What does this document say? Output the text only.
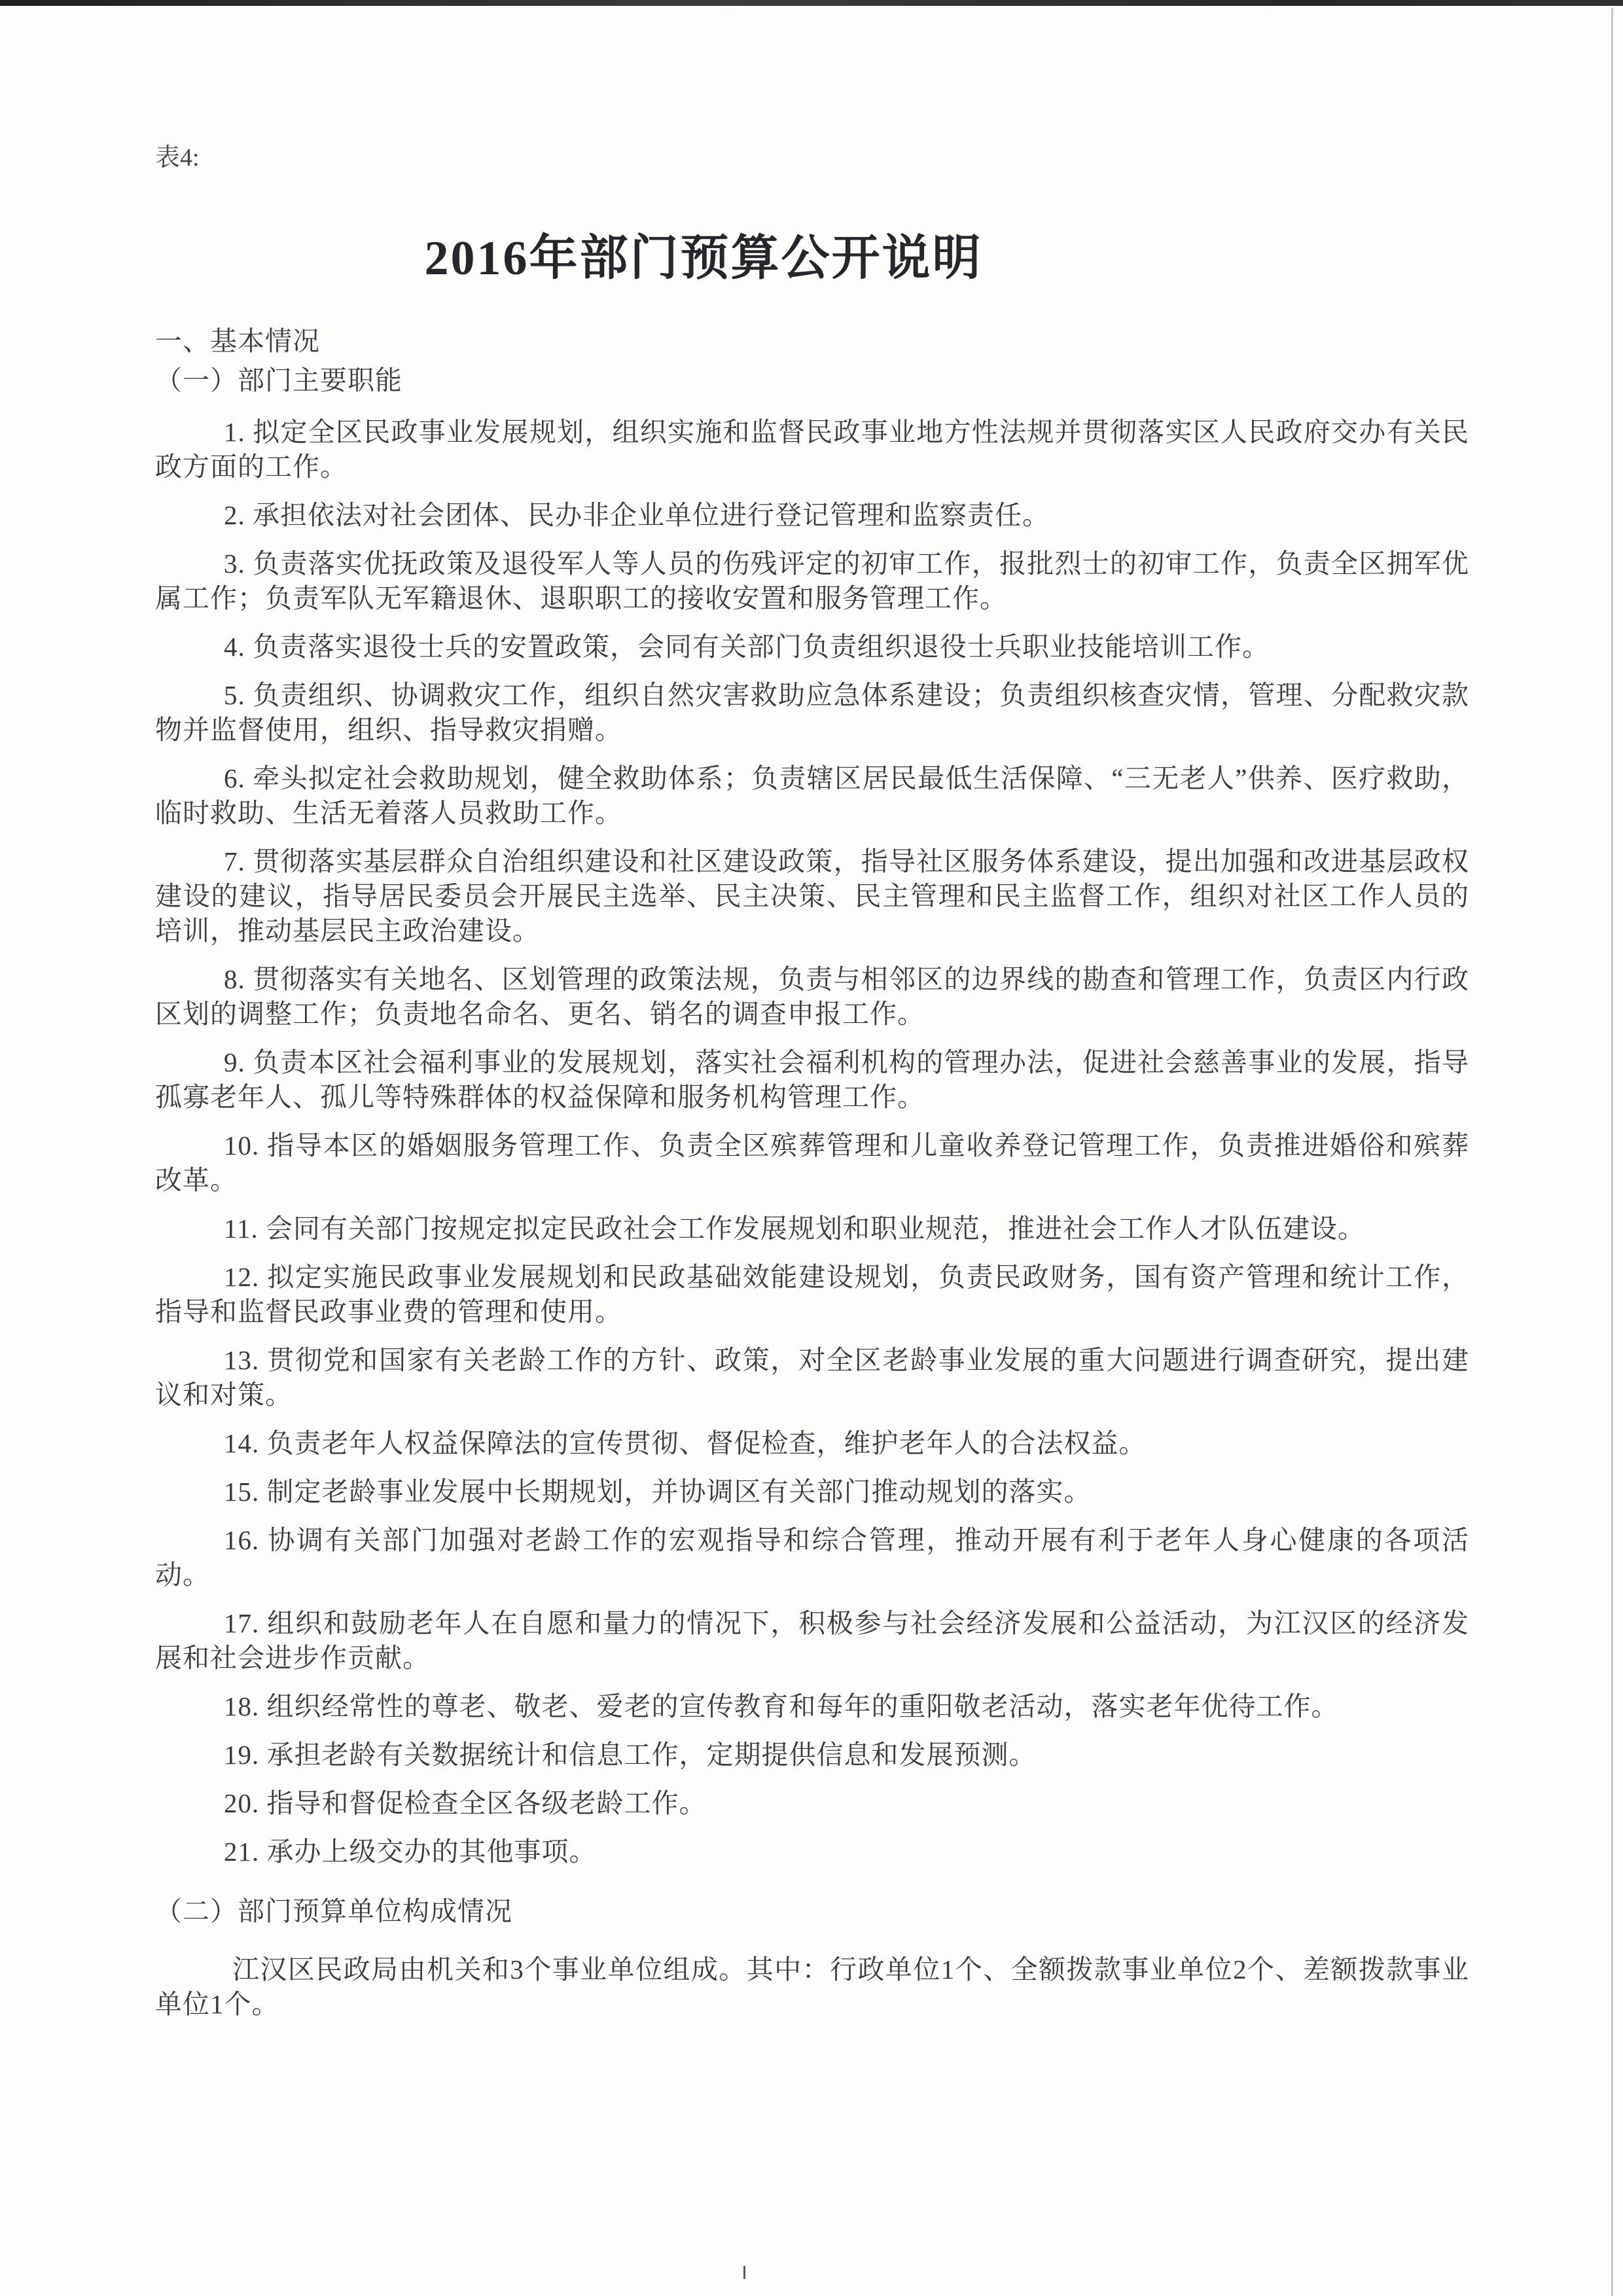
表4:
2016年部门预算公开说明

一、基本情况

（一）部门主要职能

1. 拟定全区民政事业发展规划，组织实施和监督民政事业地方性法规并贯彻落实区人民政府交办有关民政方面的工作。

2. 承担依法对社会团体、民办非企业单位进行登记管理和监察责任。

3. 负责落实优抚政策及退役军人等人员的伤残评定的初审工作，报批烈士的初审工作，负责全区拥军优属工作；负责军队无军籍退休、退职职工的接收安置和服务管理工作。

4. 负责落实退役士兵的安置政策，会同有关部门负责组织退役士兵职业技能培训工作。

5. 负责组织、协调救灾工作，组织自然灾害救助应急体系建设；负责组织核查灾情，管理、分配救灾款物并监督使用，组织、指导救灾捐赠。

6. 牵头拟定社会救助规划，健全救助体系；负责辖区居民最低生活保障、“三无老人”供养、医疗救助，临时救助、生活无着落人员救助工作。

7. 贯彻落实基层群众自治组织建设和社区建设政策，指导社区服务体系建设，提出加强和改进基层政权建设的建议，指导居民委员会开展民主选举、民主决策、民主管理和民主监督工作，组织对社区工作人员的培训，推动基层民主政治建设。

8. 贯彻落实有关地名、区划管理的政策法规，负责与相邻区的边界线的勘查和管理工作，负责区内行政区划的调整工作；负责地名命名、更名、销名的调查申报工作。

9. 负责本区社会福利事业的发展规划，落实社会福利机构的管理办法，促进社会慈善事业的发展，指导孤寡老年人、孤儿等特殊群体的权益保障和服务机构管理工作。

10. 指导本区的婚姻服务管理工作、负责全区殡葬管理和儿童收养登记管理工作，负责推进婚俗和殡葬改革。

11. 会同有关部门按规定拟定民政社会工作发展规划和职业规范，推进社会工作人才队伍建设。

12. 拟定实施民政事业发展规划和民政基础效能建设规划，负责民政财务，国有资产管理和统计工作，指导和监督民政事业费的管理和使用。

13. 贯彻党和国家有关老龄工作的方针、政策，对全区老龄事业发展的重大问题进行调查研究，提出建议和对策。

14. 负责老年人权益保障法的宣传贯彻、督促检查，维护老年人的合法权益。

15. 制定老龄事业发展中长期规划，并协调区有关部门推动规划的落实。

16. 协调有关部门加强对老龄工作的宏观指导和综合管理，推动开展有利于老年人身心健康的各项活动。

17. 组织和鼓励老年人在自愿和量力的情况下，积极参与社会经济发展和公益活动，为江汉区的经济发展和社会进步作贡献。

18. 组织经常性的尊老、敬老、爱老的宣传教育和每年的重阳敬老活动，落实老年优待工作。

19. 承担老龄有关数据统计和信息工作，定期提供信息和发展预测。

20. 指导和督促检查全区各级老龄工作。

21. 承办上级交办的其他事项。

（二）部门预算单位构成情况

江汉区民政局由机关和3个事业单位组成。其中：行政单位1个、全额拨款事业单位2个、差额拨款事业单位1个。
